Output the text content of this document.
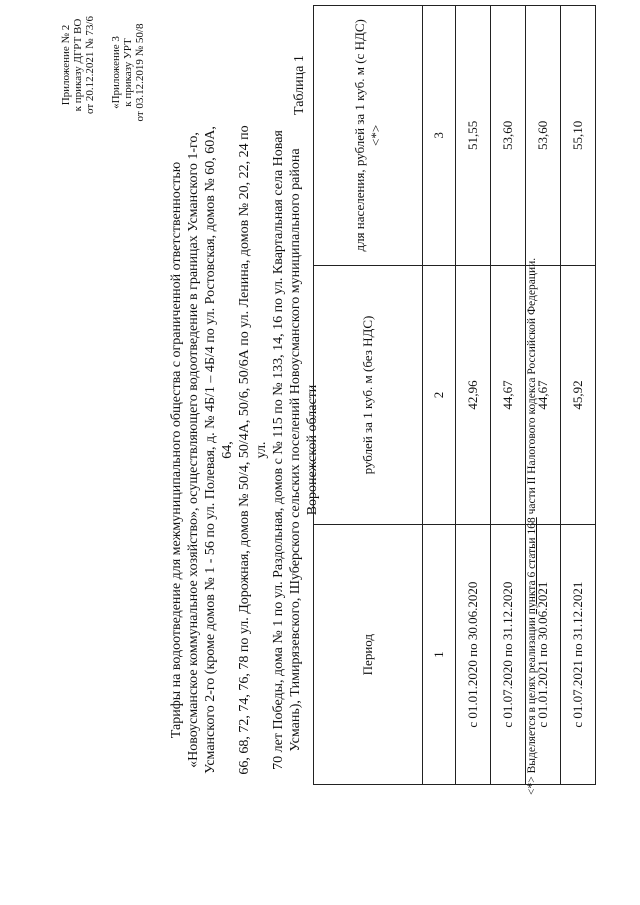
Приложение № 2 к приказу ДГРТ ВО от 20.12.2021 № 73/6 «Приложение 3 к приказу УРТ от 03.12.2019 № 50/8
Тарифы на водоотведение для межмуниципального общества с ограниченной ответственностью «Новоусманское коммунальное хозяйство», осуществляющего водоотведение в границах Усманского 1-го, Усманского 2-го (кроме домов № 1 - 56 по ул. Полевая, д. № 4Б/1 – 4Б/4 по ул. Ростовская, домов № 60, 60А, 64, 66, 68, 72, 74, 76, 78 по ул. Дорожная, домов № 50/4, 50/4А, 50/6, 50/6А по ул. Ленина, домов № 20, 22, 24 по ул. 70 лет Победы, дома № 1 по ул. Раздольная, домов с № 115 по № 133, 14, 16 по ул. Квартальная села Новая Усмань), Тимирязевского, Шуберского сельских поселений Новоусманского муниципального района Воронежской области
Таблица 1
Период	рублей за 1 куб. м (без НДС)	для населения, рублей за 1 куб. м (с НДС) <*>
1	2	3
с 01.01.2020 по 30.06.2020	42,96	51,55
с 01.07.2020 по 31.12.2020	44,67	53,60
с 01.01.2021 по 30.06.2021	44,67	53,60
с 01.07.2021 по 31.12.2021	45,92	55,10
<*> Выделяется в целях реализации пункта 6 статьи 168 части II Налогового кодекса Российской Федерации.
